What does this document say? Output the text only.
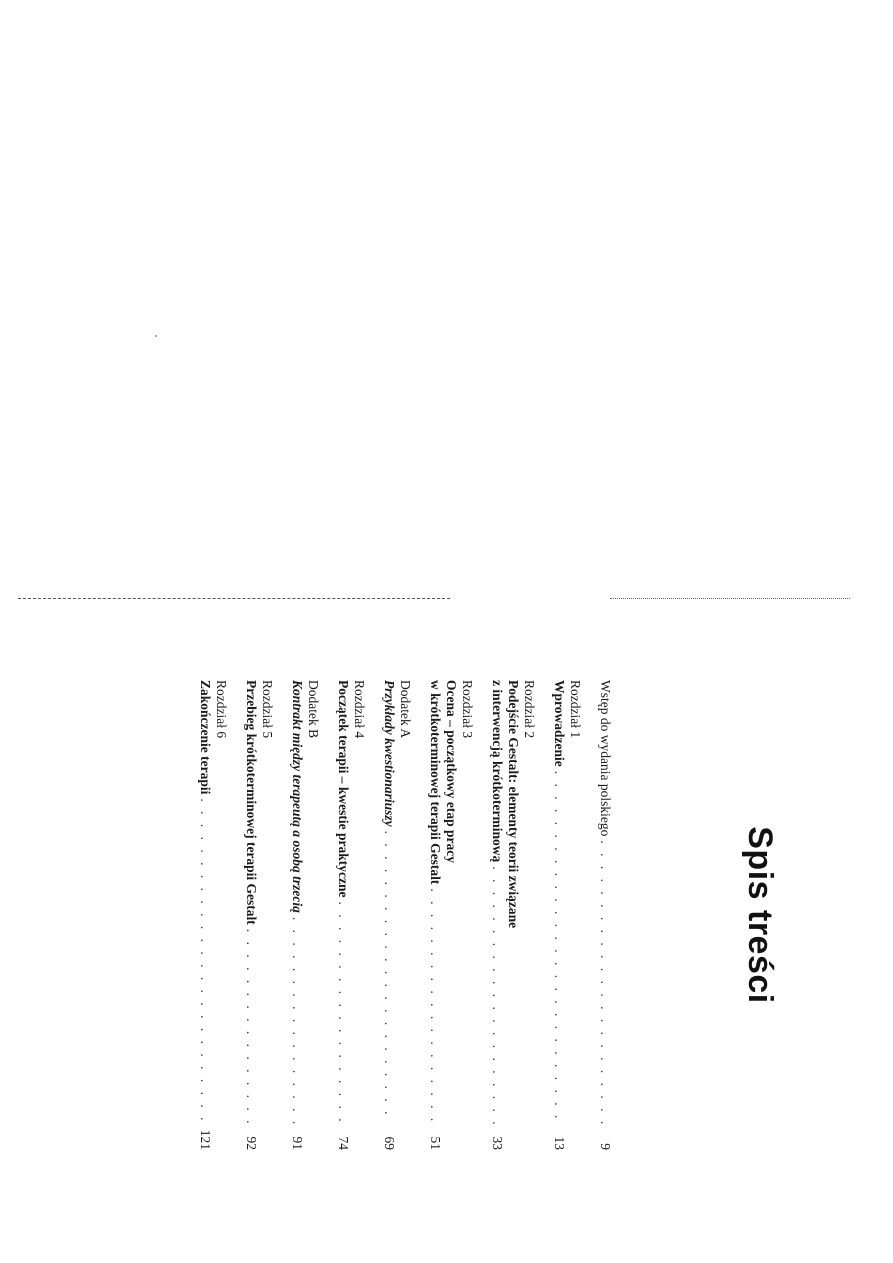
Spis treści
Wstęp do wydania polskiego
. . .
9
Rozdział 1
Wprowadzenie
. . .
13
Rozdział 2
Podejście Gestalt: elementy teorii związane
z interwencją krótkoterminową
. . .
33
Rozdział 3
Ocena – początkowy etap pracy
w krótkoterminowej terapii Gestalt
. . .
51
Dodatek A
Przykłady kwestionariuszy
. . .
69
Rozdział 4
Początek terapii – kwestie praktyczne
. . .
74
Dodatek B
Kontrakt między terapeutą a osobą trzecią
. . .
91
Rozdział 5
Przebieg krótkoterminowej terapii Gestalt
. . .
92
Rozdział 6
Zakończenie terapii
. . .
121
